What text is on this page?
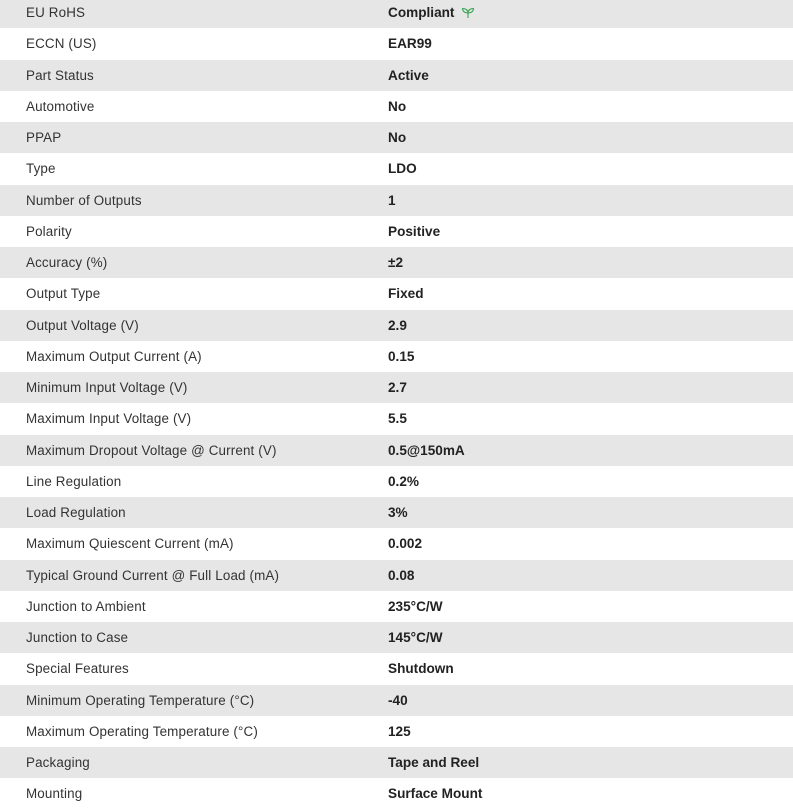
EU RoHS	Compliant
ECCN (US)	EAR99
Part Status	Active
Automotive	No
PPAP	No
Type	LDO
Number of Outputs	1
Polarity	Positive
Accuracy (%)	±2
Output Type	Fixed
Output Voltage (V)	2.9
Maximum Output Current (A)	0.15
Minimum Input Voltage (V)	2.7
Maximum Input Voltage (V)	5.5
Maximum Dropout Voltage @ Current (V)	0.5@150mA
Line Regulation	0.2%
Load Regulation	3%
Maximum Quiescent Current (mA)	0.002
Typical Ground Current @ Full Load (mA)	0.08
Junction to Ambient	235°C/W
Junction to Case	145°C/W
Special Features	Shutdown
Minimum Operating Temperature (°C)	-40
Maximum Operating Temperature (°C)	125
Packaging	Tape and Reel
Mounting	Surface Mount
